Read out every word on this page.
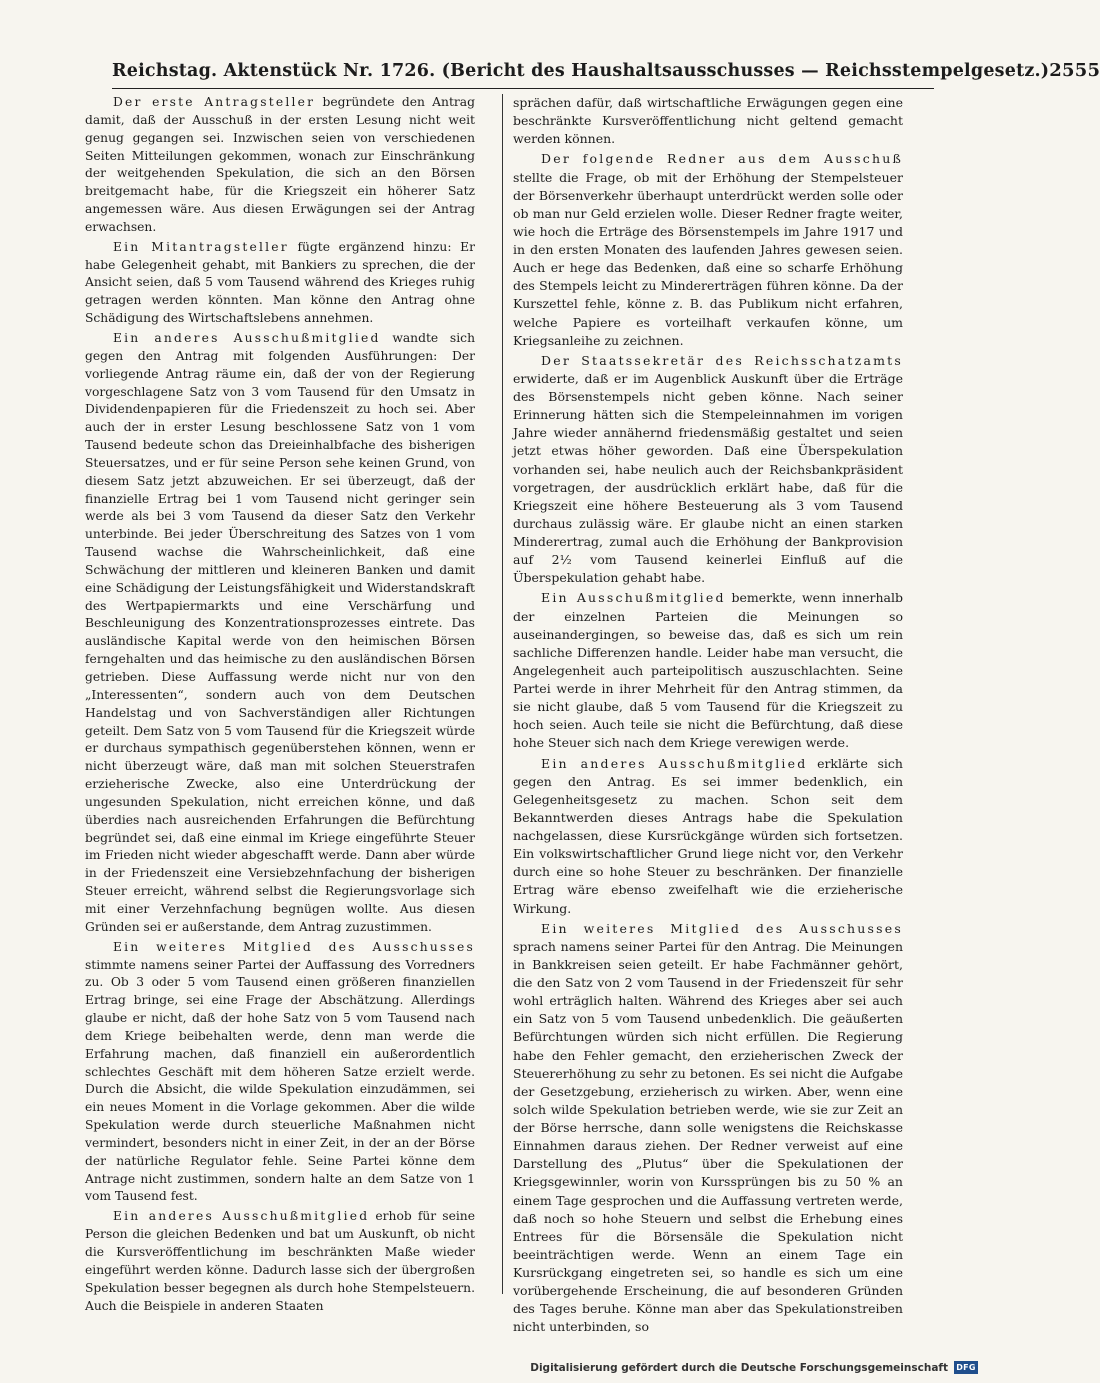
Reichstag. Aktenstück Nr. 1726. (Bericht des Haushaltsausschusses — Reichsstempelgesetz.) 2555

Der erste Antragsteller begründete den Antrag damit, daß der Ausschuß in der ersten Lesung nicht weit genug gegangen sei. Inzwischen seien von verschiedenen Seiten Mitteilungen gekommen, wonach zur Einschränkung der weitgehenden Spekulation, die sich an den Börsen breitgemacht habe, für die Kriegszeit ein höherer Satz angemessen wäre. Aus diesen Erwägungen sei der Antrag erwachsen.

Ein Mitantragsteller fügte ergänzend hinzu: Er habe Gelegenheit gehabt, mit Bankiers zu sprechen, die der Ansicht seien, daß 5 vom Tausend während des Krieges ruhig getragen werden könnten. Man könne den Antrag ohne Schädigung des Wirtschaftslebens annehmen.

Ein anderes Ausschußmitglied wandte sich gegen den Antrag mit folgenden Ausführungen: Der vorliegende Antrag räume ein, daß der von der Regierung vorgeschlagene Satz von 3 vom Tausend für den Umsatz in Dividendenpapieren für die Friedenszeit zu hoch sei. Aber auch der in erster Lesung beschlossene Satz von 1 vom Tausend bedeute schon das Dreieinhalbfache des bisherigen Steuersatzes, und er für seine Person sehe keinen Grund, von diesem Satz jetzt abzuweichen. Er sei überzeugt, daß der finanzielle Ertrag bei 1 vom Tausend nicht geringer sein werde als bei 3 vom Tausend da dieser Satz den Verkehr unterbinde. Bei jeder Überschreitung des Satzes von 1 vom Tausend wachse die Wahrscheinlichkeit, daß eine Schwächung der mittleren und kleineren Banken und damit eine Schädigung der Leistungsfähigkeit und Widerstandskraft des Wertpapiermarkts und eine Verschärfung und Beschleunigung des Konzentrationsprozesses eintrete. Das ausländische Kapital werde von den heimischen Börsen ferngehalten und das heimische zu den ausländischen Börsen getrieben. Diese Auffassung werde nicht nur von den „Interessenten“, sondern auch von dem Deutschen Handelstag und von Sachverständigen aller Richtungen geteilt. Dem Satz von 5 vom Tausend für die Kriegszeit würde er durchaus sympathisch gegenüberstehen können, wenn er nicht überzeugt wäre, daß man mit solchen Steuerstrafen erzieherische Zwecke, also eine Unterdrückung der ungesunden Spekulation, nicht erreichen könne, und daß überdies nach ausreichenden Erfahrungen die Befürchtung begründet sei, daß eine einmal im Kriege eingeführte Steuer im Frieden nicht wieder abgeschafft werde. Dann aber würde in der Friedenszeit eine Versiebzehnfachung der bisherigen Steuer erreicht, während selbst die Regierungsvorlage sich mit einer Verzehnfachung begnügen wollte. Aus diesen Gründen sei er außerstande, dem Antrag zuzustimmen.

Ein weiteres Mitglied des Ausschusses stimmte namens seiner Partei der Auffassung des Vorredners zu. Ob 3 oder 5 vom Tausend einen größeren finanziellen Ertrag bringe, sei eine Frage der Abschätzung. Allerdings glaube er nicht, daß der hohe Satz von 5 vom Tausend nach dem Kriege beibehalten werde, denn man werde die Erfahrung machen, daß finanziell ein außerordentlich schlechtes Geschäft mit dem höheren Satze erzielt werde. Durch die Absicht, die wilde Spekulation einzudämmen, sei ein neues Moment in die Vorlage gekommen. Aber die wilde Spekulation werde durch steuerliche Maßnahmen nicht vermindert, besonders nicht in einer Zeit, in der an der Börse der natürliche Regulator fehle. Seine Partei könne dem Antrage nicht zustimmen, sondern halte an dem Satze von 1 vom Tausend fest.

Ein anderes Ausschußmitglied erhob für seine Person die gleichen Bedenken und bat um Auskunft, ob nicht die Kursveröffentlichung im beschränkten Maße wieder eingeführt werden könne. Dadurch lasse sich der übergroßen Spekulation besser begegnen als durch hohe Stempelsteuern. Auch die Beispiele in anderen Staaten

sprächen dafür, daß wirtschaftliche Erwägungen gegen eine beschränkte Kursveröffentlichung nicht geltend gemacht werden können.

Der folgende Redner aus dem Ausschuß stellte die Frage, ob mit der Erhöhung der Stempelsteuer der Börsenverkehr überhaupt unterdrückt werden solle oder ob man nur Geld erzielen wolle. Dieser Redner fragte weiter, wie hoch die Erträge des Börsenstempels im Jahre 1917 und in den ersten Monaten des laufenden Jahres gewesen seien. Auch er hege das Bedenken, daß eine so scharfe Erhöhung des Stempels leicht zu Mindererträgen führen könne. Da der Kurszettel fehle, könne z. B. das Publikum nicht erfahren, welche Papiere es vorteilhaft verkaufen könne, um Kriegsanleihe zu zeichnen.

Der Staatssekretär des Reichsschatzamts erwiderte, daß er im Augenblick Auskunft über die Erträge des Börsenstempels nicht geben könne. Nach seiner Erinnerung hätten sich die Stempeleinnahmen im vorigen Jahre wieder annähernd friedensmäßig gestaltet und seien jetzt etwas höher geworden. Daß eine Überspekulation vorhanden sei, habe neulich auch der Reichsbankpräsident vorgetragen, der ausdrücklich erklärt habe, daß für die Kriegszeit eine höhere Besteuerung als 3 vom Tausend durchaus zulässig wäre. Er glaube nicht an einen starken Minderertrag, zumal auch die Erhöhung der Bankprovision auf 2½ vom Tausend keinerlei Einfluß auf die Überspekulation gehabt habe.

Ein Ausschußmitglied bemerkte, wenn innerhalb der einzelnen Parteien die Meinungen so auseinandergingen, so beweise das, daß es sich um rein sachliche Differenzen handle. Leider habe man versucht, die Angelegenheit auch parteipolitisch auszuschlachten. Seine Partei werde in ihrer Mehrheit für den Antrag stimmen, da sie nicht glaube, daß 5 vom Tausend für die Kriegszeit zu hoch seien. Auch teile sie nicht die Befürchtung, daß diese hohe Steuer sich nach dem Kriege verewigen werde.

Ein anderes Ausschußmitglied erklärte sich gegen den Antrag. Es sei immer bedenklich, ein Gelegenheitsgesetz zu machen. Schon seit dem Bekanntwerden dieses Antrags habe die Spekulation nachgelassen, diese Kursrückgänge würden sich fortsetzen. Ein volkswirtschaftlicher Grund liege nicht vor, den Verkehr durch eine so hohe Steuer zu beschränken. Der finanzielle Ertrag wäre ebenso zweifelhaft wie die erzieherische Wirkung.

Ein weiteres Mitglied des Ausschusses sprach namens seiner Partei für den Antrag. Die Meinungen in Bankkreisen seien geteilt. Er habe Fachmänner gehört, die den Satz von 2 vom Tausend in der Friedenszeit für sehr wohl erträglich halten. Während des Krieges aber sei auch ein Satz von 5 vom Tausend unbedenklich. Die geäußerten Befürchtungen würden sich nicht erfüllen. Die Regierung habe den Fehler gemacht, den erzieherischen Zweck der Steuererhöhung zu sehr zu betonen. Es sei nicht die Aufgabe der Gesetzgebung, erzieherisch zu wirken. Aber, wenn eine solch wilde Spekulation betrieben werde, wie sie zur Zeit an der Börse herrsche, dann solle wenigstens die Reichskasse Einnahmen daraus ziehen. Der Redner verweist auf eine Darstellung des „Plutus“ über die Spekulationen der Kriegsgewinnler, worin von Kurssprüngen bis zu 50 % an einem Tage gesprochen und die Auffassung vertreten werde, daß noch so hohe Steuern und selbst die Erhebung eines Entrees für die Börsensäle die Spekulation nicht beeinträchtigen werde. Wenn an einem Tage ein Kursrückgang eingetreten sei, so handle es sich um eine vorübergehende Erscheinung, die auf besonderen Gründen des Tages beruhe. Könne man aber das Spekulationstreiben nicht unterbinden, so

Digitalisierung gefördert durch die Deutsche Forschungsgemeinschaft DFG
